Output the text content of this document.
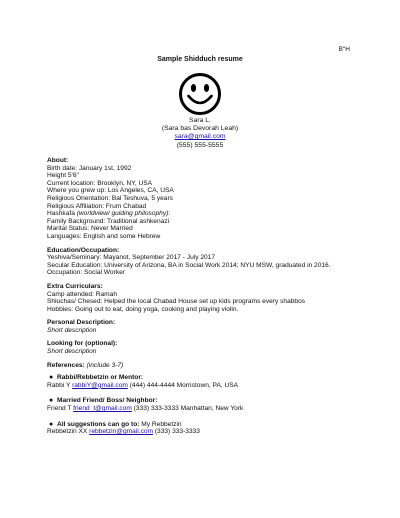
B"H
Sample Shidduch resume
Sara L.
(Sara bas Devorah Leah)
sara@gmail.com
(555) 555-5555
About:
Birth date: January 1st, 1992
Height 5'6''
Current location: Brooklyn, NY, USA
Where you grew up: Los Angeles, CA, USA
Religious Orientation: Bal Teshuva, 5 years
Religious Affiliation: Frum Chabad
Hashkafa (worldview/ guiding philosophy):
Family Background: Traditional ashkenazi
Marital Status: Never Married
Languages: English and some Hebrew
Education/Occupation:
Yeshiva/Seminary: Mayanot, September 2017 - July 2017
Secular Education: University of Arizona, BA in Social Work 2014; NYU MSW, graduated in 2016.
Occupation: Social Worker
Extra Curriculars:
Camp attended: Ramah
Shluchas/ Chesed: Helped the local Chabad House set up kids programs every shabbos
Hobbies: Going out to eat, doing yoga, cooking and playing violin.
Personal Description:
Short description
Looking for (optional):
Short description
References: (include 3-7)
● Rabbi/Rebbetzin or Mentor:
Rabbi Y rabbiY@gmail.com (444) 444-4444 Morristown, PA, USA
● Married Friend/ Boss/ Neighbor:
Friend T friend_t@gmail.com (333) 333-3333 Manhattan, New York
● All suggestions can go to: My Rebbetzin
Rebbetzin XX rebbetzin@gmail.com (333) 333-3333
